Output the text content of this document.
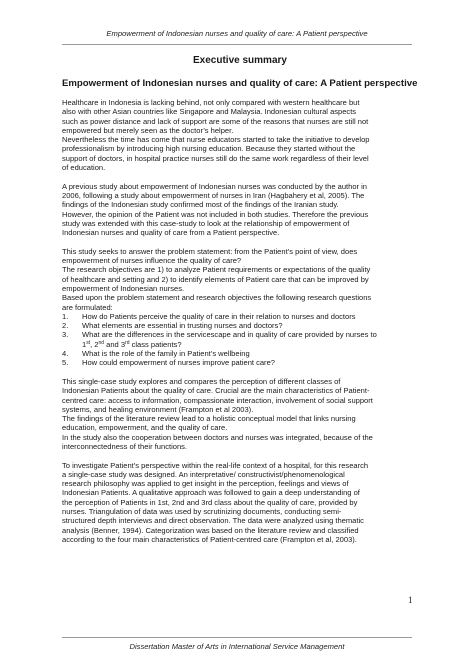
Empowerment of Indonesian nurses and quality of care: A Patient perspective
Executive summary
Empowerment of Indonesian nurses and quality of care: A Patient perspective
Healthcare in Indonesia is lacking behind, not only compared with western healthcare but
also with other Asian countries like Singapore and Malaysia. Indonesian cultural aspects
such as power distance and lack of support are some of the reasons that nurses are still not
empowered but merely seen as the doctor’s helper.
Nevertheless the time has come that nurse educators started to take the initiative to develop
professionalism by introducing high nursing education. Because they started without the
support of doctors, in hospital practice nurses still do the same work regardless of their level
of education.
A previous study about empowerment of Indonesian nurses was conducted by the author in
2006, following a study about empowerment of nurses in Iran (Hagbahery et al, 2005). The
findings of the Indonesian study confirmed most of the findings of the Iranian study.
However, the opinion of the Patient was not included in both studies. Therefore the previous
study was extended with this case-study to look at the relationship of empowerment of
Indonesian nurses and quality of care from a Patient perspective.
This study seeks to answer the problem statement: from the Patient’s point of view, does
empowerment of nurses influence the quality of care?
The research objectives are 1) to analyze Patient requirements or expectations of the quality
of healthcare and setting and 2) to identify elements of Patient care that can be improved by
empowerment of Indonesian nurses.
Based upon the problem statement and research objectives the following research questions
are formulated:
1. How do Patients perceive the quality of care in their relation to nurses and doctors
2. What elements are essential in trusting nurses and doctors?
3. What are the differences in the servicescape and in quality of care provided by nurses to
1st, 2nd and 3rd class patients?
4. What is the role of the family in Patient’s wellbeing
5. How could empowerment of nurses improve patient care?
This single-case study explores and compares the perception of different classes of
Indonesian Patients about the quality of care. Crucial are the main characteristics of Patient-
centred care: access to information, compassionate interaction, involvement of social support
systems, and healing environment (Frampton et al 2003).
The findings of the literature review lead to a holistic conceptual model that links nursing
education, empowerment, and the quality of care.
In the study also the cooperation between doctors and nurses was integrated, because of the
interconnectedness of their functions.
To investigate Patient’s perspective within the real-life context of a hospital, for this research
a single-case study was designed. An interpretative/ constructivist/phenomenological
research philosophy was applied to get insight in the perception, feelings and views of
Indonesian Patients. A qualitative approach was followed to gain a deep understanding of
the perception of Patients in 1st, 2nd and 3rd class about the quality of care, provided by
nurses. Triangulation of data was used by scrutinizing documents, conducting semi-
structured depth interviews and direct observation. The data were analyzed using thematic
analysis (Benner, 1994). Categorization was based on the literature review and classified
according to the four main characteristics of Patient-centred care (Frampton et al, 2003).
1
Dissertation Master of Arts in International Service Management
